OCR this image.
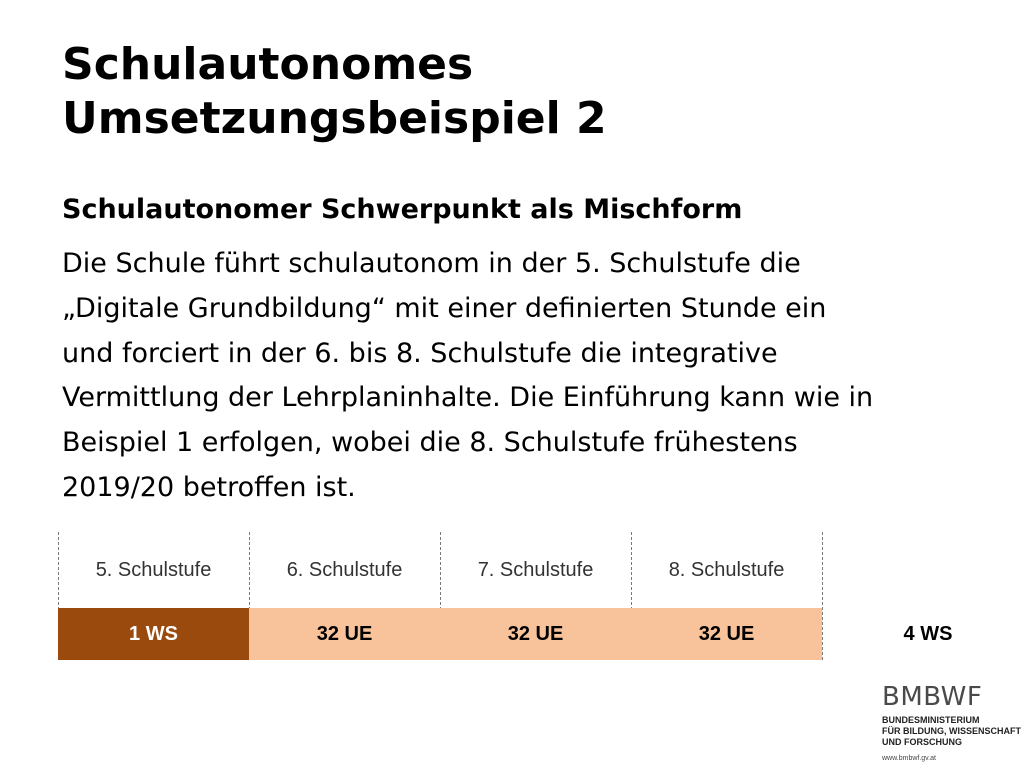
Schulautonomes
Umsetzungsbeispiel 2
Schulautonomer Schwerpunkt als Mischform
Die Schule führt schulautonom in der 5. Schulstufe die
„Digitale Grundbildung“ mit einer definierten Stunde ein
und forciert in der 6. bis 8. Schulstufe die integrative
Vermittlung der Lehrplaninhalte. Die Einführung kann wie in
Beispiel 1 erfolgen, wobei die 8. Schulstufe frühestens
2019/20 betroffen ist.
5. Schulstufe
1 WS
6. Schulstufe
32 UE
7. Schulstufe
32 UE
8. Schulstufe
32 UE	4 WS
BMBWF
BUNDESMINISTERIUM
FÜR BILDUNG, WISSENSCHAFT
UND FORSCHUNG
www.bmbwf.gv.at
